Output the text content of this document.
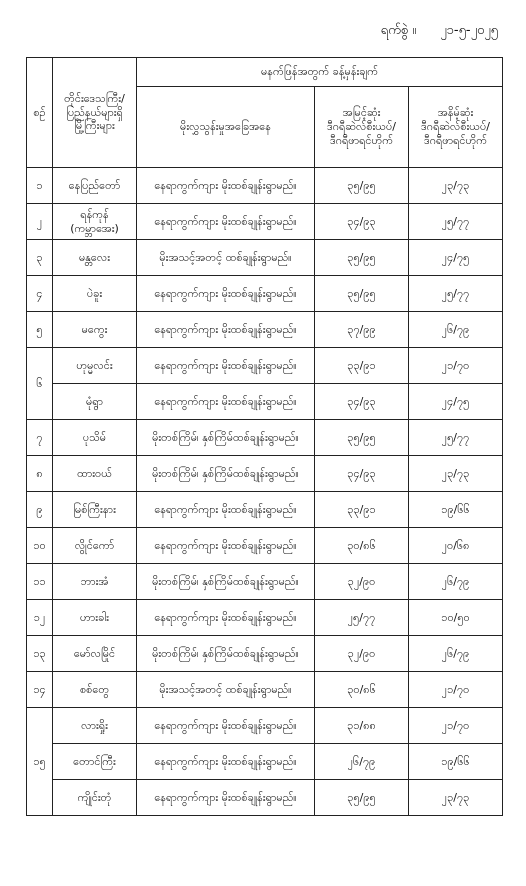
ရက်စွဲ ။ ၂၁-၅-၂၀၂၅
စဉ်	တိုင်းဒေသကြီး/
ပြည်နယ်များရှိ
မြို့ကြီးများ	မနက်ဖြန်အတွက် ခန့်မှန်းချက်		
		မိုးလွှသွန်းမှုအခြေအနေ	အမြင့်ဆုံး
ဒီဂရီဆဲလ်စီးယပ်/
ဒီဂရီဖာရင်ဟိုက်	အနိမ့်ဆုံး
ဒီဂရီဆဲလ်စီးယပ်/
ဒီဂရီဖာရင်ဟိုက်
၁	နေပြည်တော်	နေရာကွက်ကျား မိုးထစ်ချုန်းရွာမည်။	၃၅/၉၅	၂၃/၇၃
၂	ရန်ကုန်
(ကမ္ဘာအေး)	နေရာကွက်ကျား မိုးထစ်ချုန်းရွာမည်။	၃၄/၉၃	၂၅/၇၇
၃	မန္တလေး	မိုးအသင့်အတင့် ထစ်ချုန်းရွာမည်။	၃၅/၉၅	၂၄/၇၅
၄	ပဲခူး	နေရာကွက်ကျား မိုးထစ်ချုန်းရွာမည်။	၃၅/၉၅	၂၅/၇၇
၅	မကွေး	နေရာကွက်ကျား မိုးထစ်ချုန်းရွာမည်။	၃၇/၉၉	၂၆/၇၉
၆	ဟုမ္မလင်း	နေရာကွက်ကျား မိုးထစ်ချုန်းရွာမည်။	၃၃/၉၁	၂၁/၇၀
	မုံရွာ	နေရာကွက်ကျား မိုးထစ်ချုန်းရွာမည်။	၃၄/၉၃	၂၄/၇၅
၇	ပုသိမ်	မိုးတစ်ကြိမ်၊ နှစ်ကြိမ်ထစ်ချုန်းရွာမည်။	၃၅/၉၅	၂၅/၇၇
၈	ထားဝယ်	မိုးတစ်ကြိမ်၊ နှစ်ကြိမ်ထစ်ချုန်းရွာမည်။	၃၄/၉၃	၂၃/၇၃
၉	မြစ်ကြီးနား	နေရာကွက်ကျား မိုးထစ်ချုန်းရွာမည်။	၃၃/၉၁	၁၉/၆၆
၁၀	လွိုင်ကော်	နေရာကွက်ကျား မိုးထစ်ချုန်းရွာမည်။	၃၀/၈၆	၂၀/၆၈
၁၁	ဘားအံ	မိုးတစ်ကြိမ်၊ နှစ်ကြိမ်ထစ်ချုန်းရွာမည်။	၃၂/၉၀	၂၆/၇၉
၁၂	ဟားခါး	နေရာကွက်ကျား မိုးထစ်ချုန်းရွာမည်။	၂၅/၇၇	၁၀/၅၀
၁၃	မော်လမြိုင်	မိုးတစ်ကြိမ်၊ နှစ်ကြိမ်ထစ်ချုန်းရွာမည်။	၃၂/၉၀	၂၆/၇၉
၁၄	စစ်တွေ	မိုးအသင့်အတင့် ထစ်ချုန်းရွာမည်။	၃၀/၈၆	၂၁/၇၀
၁၅	လားရှိုး	နေရာကွက်ကျား မိုးထစ်ချုန်းရွာမည်။	၃၁/၈၈	၂၁/၇၀
	တောင်ကြီး	နေရာကွက်ကျား မိုးထစ်ချုန်းရွာမည်။	၂၆/၇၉	၁၉/၆၆
	ကျိုင်းတုံ	နေရာကွက်ကျား မိုးထစ်ချုန်းရွာမည်။	၃၅/၉၅	၂၃/၇၃
